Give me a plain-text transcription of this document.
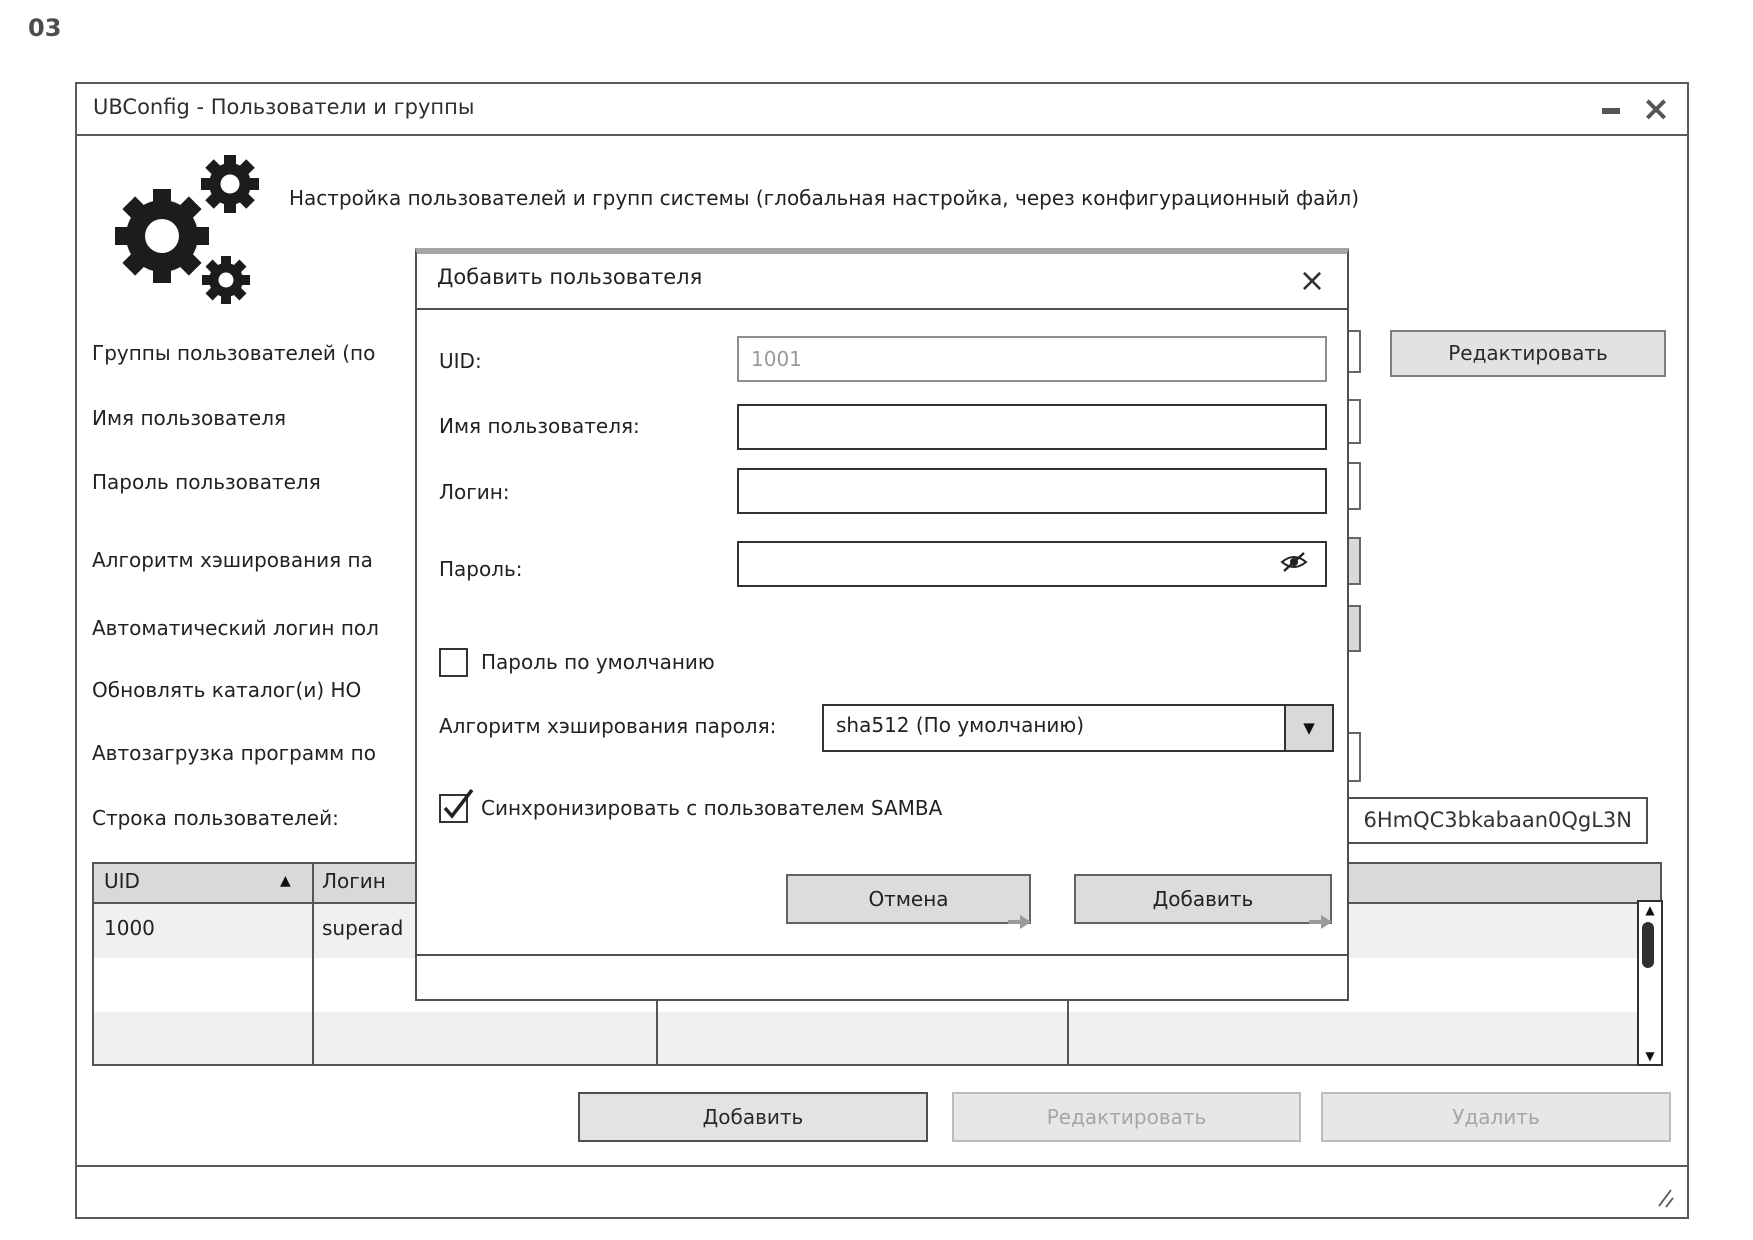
03
UBConfig - Пользователи и группы	×
Настройка пользователей и групп системы (глобальная настройка, через конфигурационный файл)
Группы пользователей (по
Имя пользователя
Пароль пользователя
Алгоритм хэширования па
Автоматический логин пол
Обновлять каталог(и) HO
Автозагрузка программ по
Строка пользователей:
Редактировать
6HmQC3bkabaan0QgL3N
UID	▲ Логин
1000	superad
▲
▼
Добавить	Редактировать	Удалить
Добавить пользователя	×
UID:
1001
Имя пользователя:
Логин:
Пароль:
Пароль по умолчанию
Алгоритм хэширования пароля:	sha512 (По умолчанию)	▼
Синхронизировать с пользователем SAMBA
Отмена	Добавить
